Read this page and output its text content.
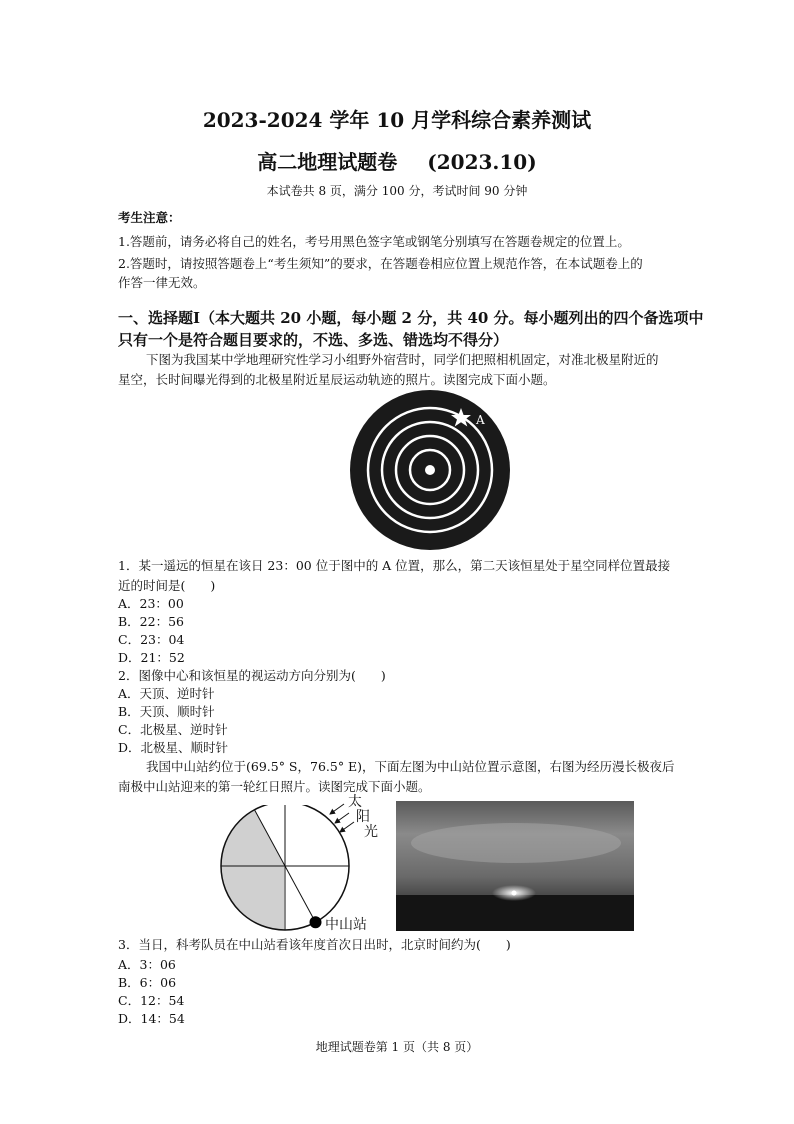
2023-2024 学年 10 月学科综合素养测试
高二地理试题卷 (2023.10)
本试卷共 8 页，满分 100 分，考试时间 90 分钟
考生注意：
1.答题前，请务必将自己的姓名，考号用黑色签字笔或钢笔分别填写在答题卷规定的位置上。
2.答题时，请按照答题卷上“考生须知”的要求，在答题卷相应位置上规范作答，在本试题卷上的
作答一律无效。
一、选择题Ⅰ（本大题共 20 小题，每小题 2 分，共 40 分。每小题列出的四个备选项中
只有一个是符合题目要求的，不选、多选、错选均不得分）
下图为我国某中学地理研究性学习小组野外宿营时，同学们把照相机固定，对准北极星附近的
星空，长时间曝光得到的北极星附近星辰运动轨迹的照片。读图完成下面小题。
A
1．某一遥远的恒星在该日 23：00 位于图中的 A 位置，那么，第二天该恒星处于星空同样位置最接
近的时间是(　　)
A．23：00
B．22：56
C．23：04
D．21：52
2．图像中心和该恒星的视运动方向分别为(　　)
A．天顶、逆时针
B．天顶、顺时针
C．北极星、逆时针
D．北极星、顺时针
我国中山站约位于(69.5° S，76.5° E)，下面左图为中山站位置示意图，右图为经历漫长极夜后
南极中山站迎来的第一轮红日照片。读图完成下面小题。
太
阳
光
中山站
3．当日，科考队员在中山站看该年度首次日出时，北京时间约为(　　)
A．3：06
B．6：06
C．12：54
D．14：54
地理试题卷第 1 页（共 8 页）
